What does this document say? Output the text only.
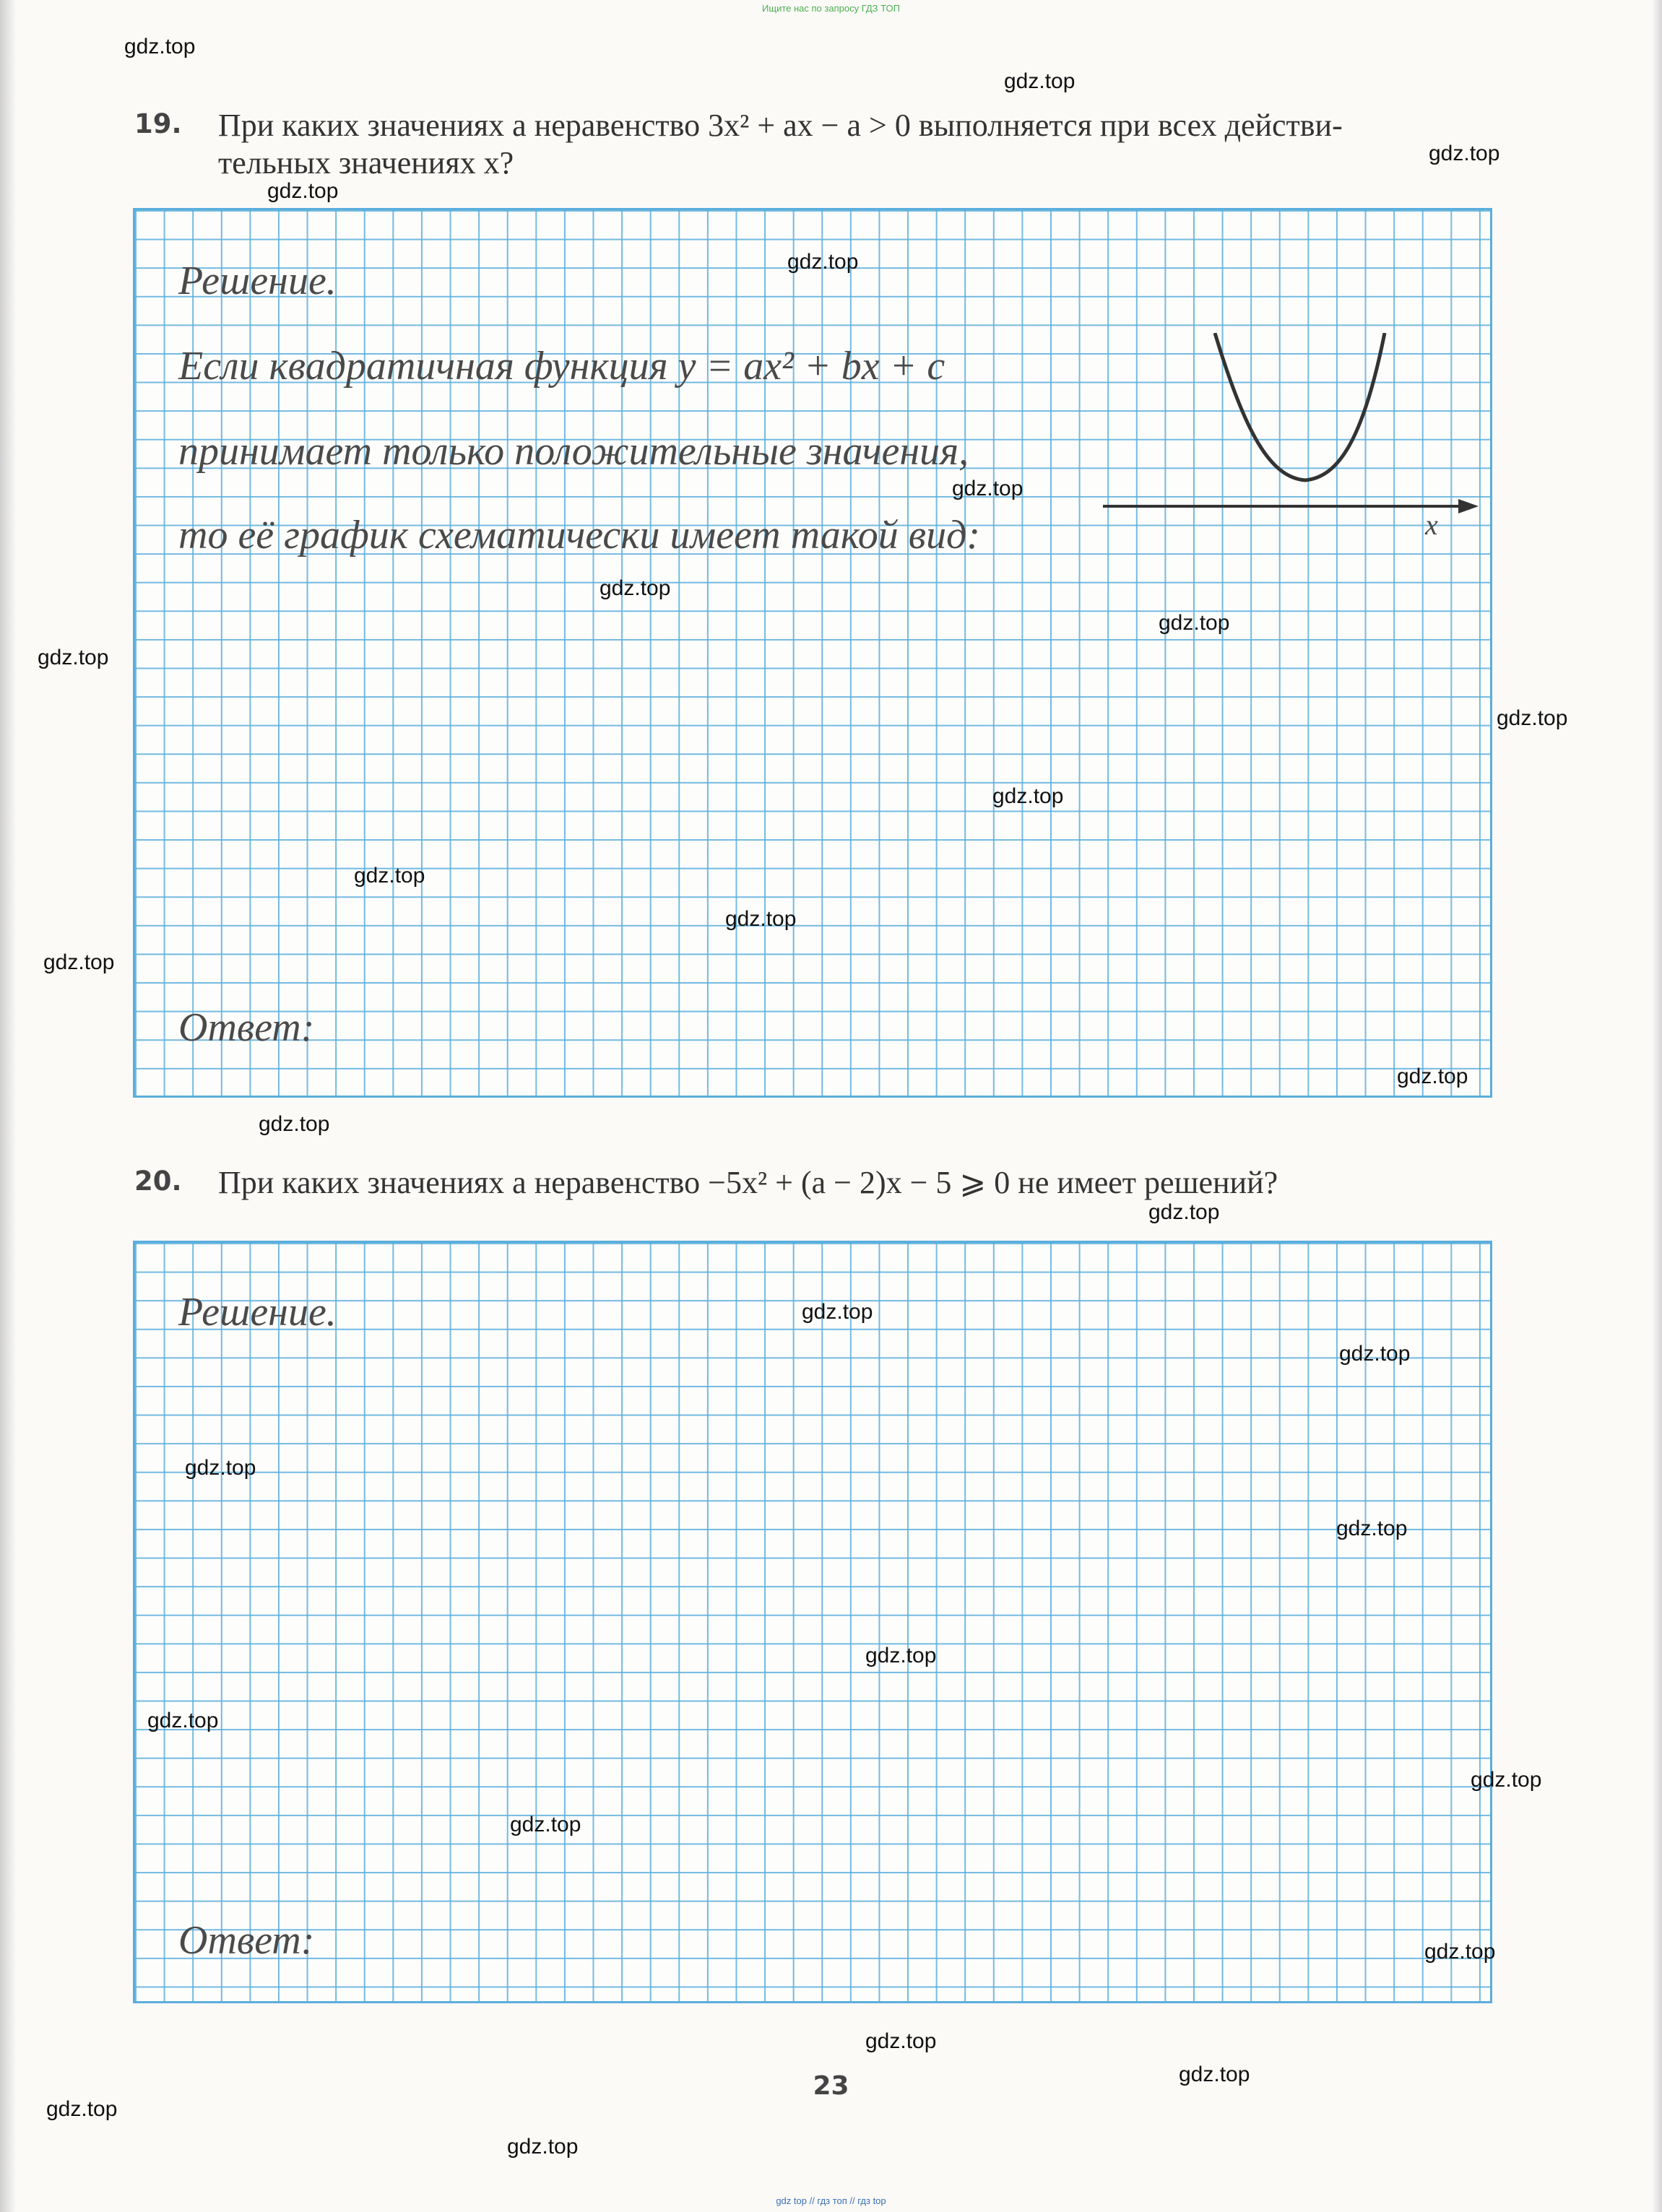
Ищите нас по запросу ГДЗ ТОП
19. При каких значениях a неравенство 3x² + ax − a > 0 выполняется при всех действи-
тельных значениях x?
Решение.
Если квадратичная функция y = ax² + bx + c
принимает только положительные значения,
то её график схематически имеет такой вид:	x
Ответ:
20. При каких значениях a неравенство −5x² + (a − 2)x − 5 ⩾ 0 не имеет решений?
Решение.
Ответ:
23
gdz.top
gdz.top
gdz.top
gdz.top
gdz.top
gdz.top
gdz.top
gdz.top
gdz.top
gdz.top
gdz.top
gdz.top
gdz.top
gdz.top
gdz.top
gdz.top
gdz.top
gdz.top
gdz.top
gdz.top
gdz.top
gdz.top
gdz.top
gdz.top
gdz.top
gdz.top
gdz.top
gdz.top
gdz.top
gdz.top
gdz top // гдз топ // гдз top
